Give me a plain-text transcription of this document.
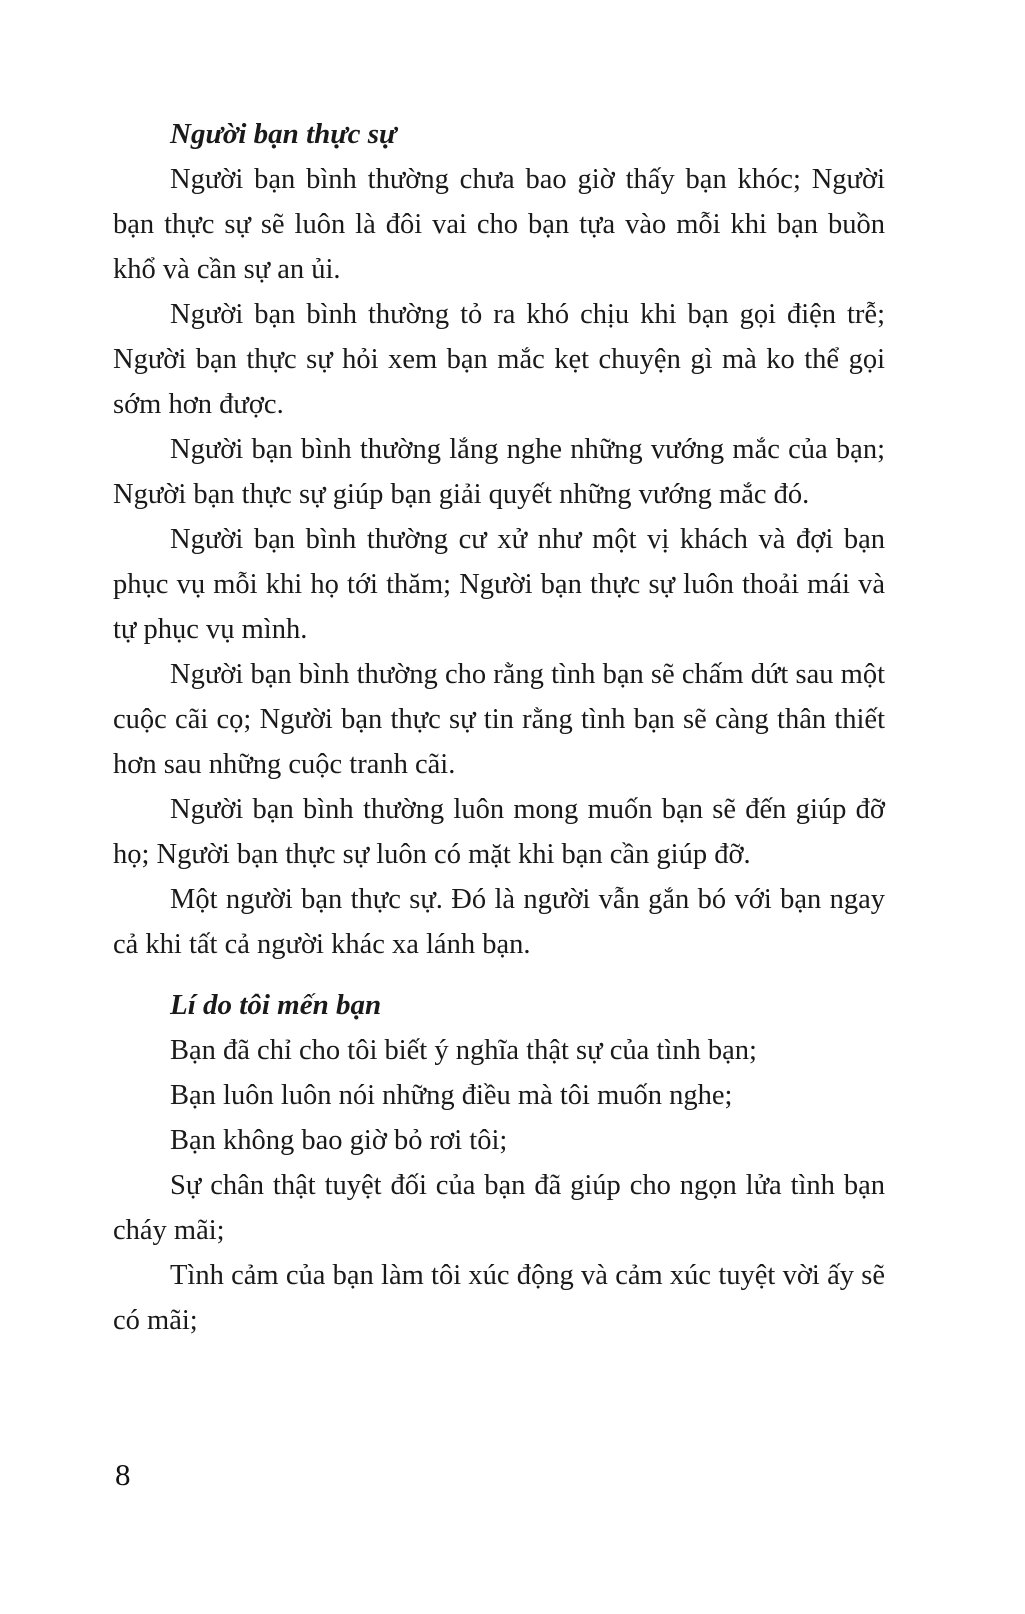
Người bạn thực sự

Người bạn bình thường chưa bao giờ thấy bạn khóc; Người bạn thực sự sẽ luôn là đôi vai cho bạn tựa vào mỗi khi bạn buồn khổ và cần sự an ủi.

Người bạn bình thường tỏ ra khó chịu khi bạn gọi điện trễ; Người bạn thực sự hỏi xem bạn mắc kẹt chuyện gì mà ko thể gọi sớm hơn được.

Người bạn bình thường lắng nghe những vướng mắc của bạn; Người bạn thực sự giúp bạn giải quyết những vướng mắc đó.

Người bạn bình thường cư xử như một vị khách và đợi bạn phục vụ mỗi khi họ tới thăm; Người bạn thực sự luôn thoải mái và tự phục vụ mình.

Người bạn bình thường cho rằng tình bạn sẽ chấm dứt sau một cuộc cãi cọ; Người bạn thực sự tin rằng tình bạn sẽ càng thân thiết hơn sau những cuộc tranh cãi.

Người bạn bình thường luôn mong muốn bạn sẽ đến giúp đỡ họ; Người bạn thực sự luôn có mặt khi bạn cần giúp đỡ.

Một người bạn thực sự. Đó là người vẫn gắn bó với bạn ngay cả khi tất cả người khác xa lánh bạn.

Lí do tôi mến bạn

Bạn đã chỉ cho tôi biết ý nghĩa thật sự của tình bạn;

Bạn luôn luôn nói những điều mà tôi muốn nghe;

Bạn không bao giờ bỏ rơi tôi;

Sự chân thật tuyệt đối của bạn đã giúp cho ngọn lửa tình bạn cháy mãi;

Tình cảm của bạn làm tôi xúc động và cảm xúc tuyệt vời ấy sẽ có mãi;

8
